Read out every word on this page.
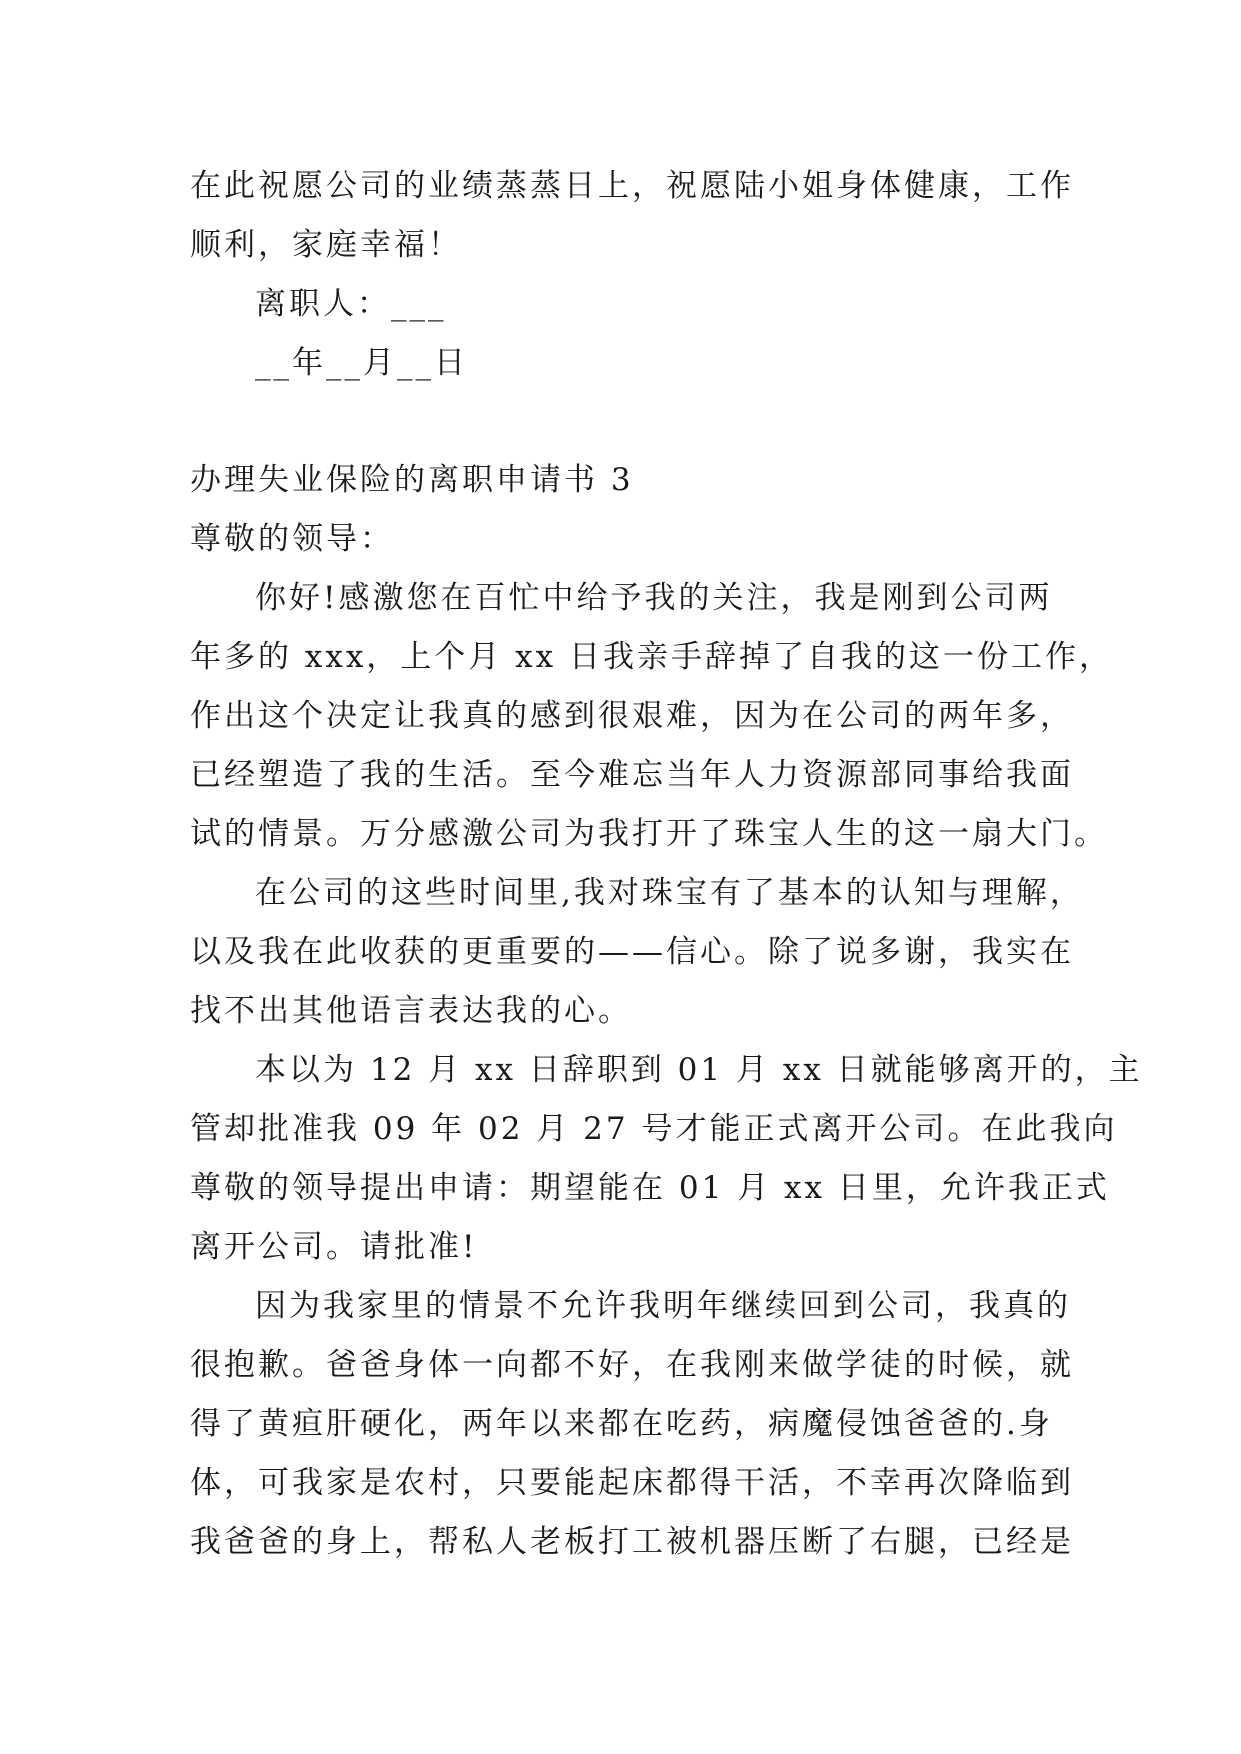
在此祝愿公司的业绩蒸蒸日上，祝愿陆小姐身体健康，工作
顺利，家庭幸福！
离职人：___
__年__月__日
办理失业保险的离职申请书 3
尊敬的领导：
你好!感激您在百忙中给予我的关注，我是刚到公司两
年多的 xxx，上个月 xx 日我亲手辞掉了自我的这一份工作，
作出这个决定让我真的感到很艰难，因为在公司的两年多，
已经塑造了我的生活。至今难忘当年人力资源部同事给我面
试的情景。万分感激公司为我打开了珠宝人生的这一扇大门。
在公司的这些时间里,我对珠宝有了基本的认知与理解，
以及我在此收获的更重要的——信心。除了说多谢，我实在
找不出其他语言表达我的心。
本以为 12 月 xx 日辞职到 01 月 xx 日就能够离开的，主
管却批准我 09 年 02 月 27 号才能正式离开公司。在此我向
尊敬的领导提出申请：期望能在 01 月 xx 日里，允许我正式
离开公司。请批准!
因为我家里的情景不允许我明年继续回到公司，我真的
很抱歉。爸爸身体一向都不好，在我刚来做学徒的时候，就
得了黄疸肝硬化，两年以来都在吃药，病魔侵蚀爸爸的.身
体，可我家是农村，只要能起床都得干活，不幸再次降临到
我爸爸的身上，帮私人老板打工被机器压断了右腿，已经是
